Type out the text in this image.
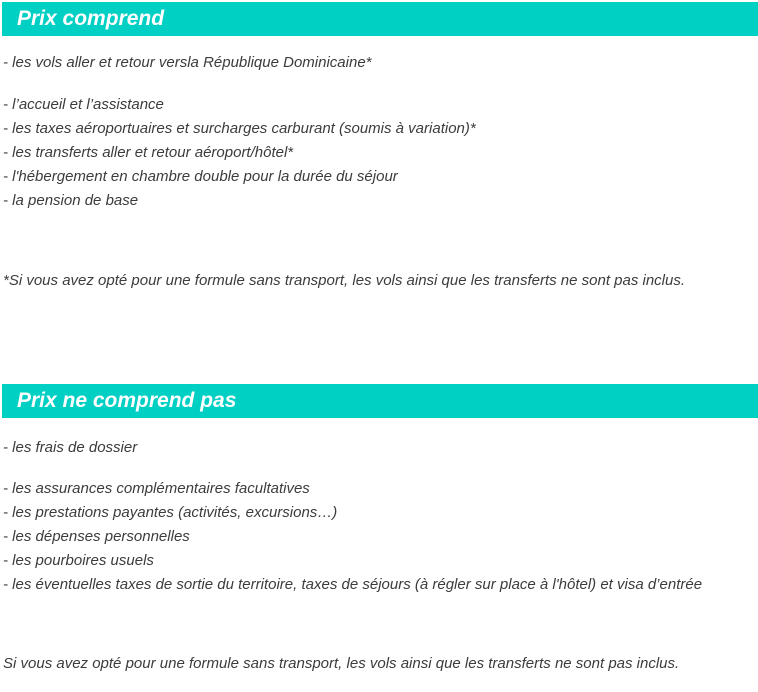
Prix comprend

- les vols aller et retour versla République Dominicaine*

- l’accueil et l’assistance
- les taxes aéroportuaires et surcharges carburant (soumis à variation)*
- les transferts aller et retour aéroport/hôtel*
- l'hébergement en chambre double pour la durée du séjour
- la pension de base

*Si vous avez opté pour une formule sans transport, les vols ainsi que les transferts ne sont pas inclus.

Prix ne comprend pas

- les frais de dossier

- les assurances complémentaires facultatives
- les prestations payantes (activités, excursions…)
- les dépenses personnelles
- les pourboires usuels
- les éventuelles taxes de sortie du territoire, taxes de séjours (à régler sur place à l'hôtel) et visa d’entrée

Si vous avez opté pour une formule sans transport, les vols ainsi que les transferts ne sont pas inclus.
